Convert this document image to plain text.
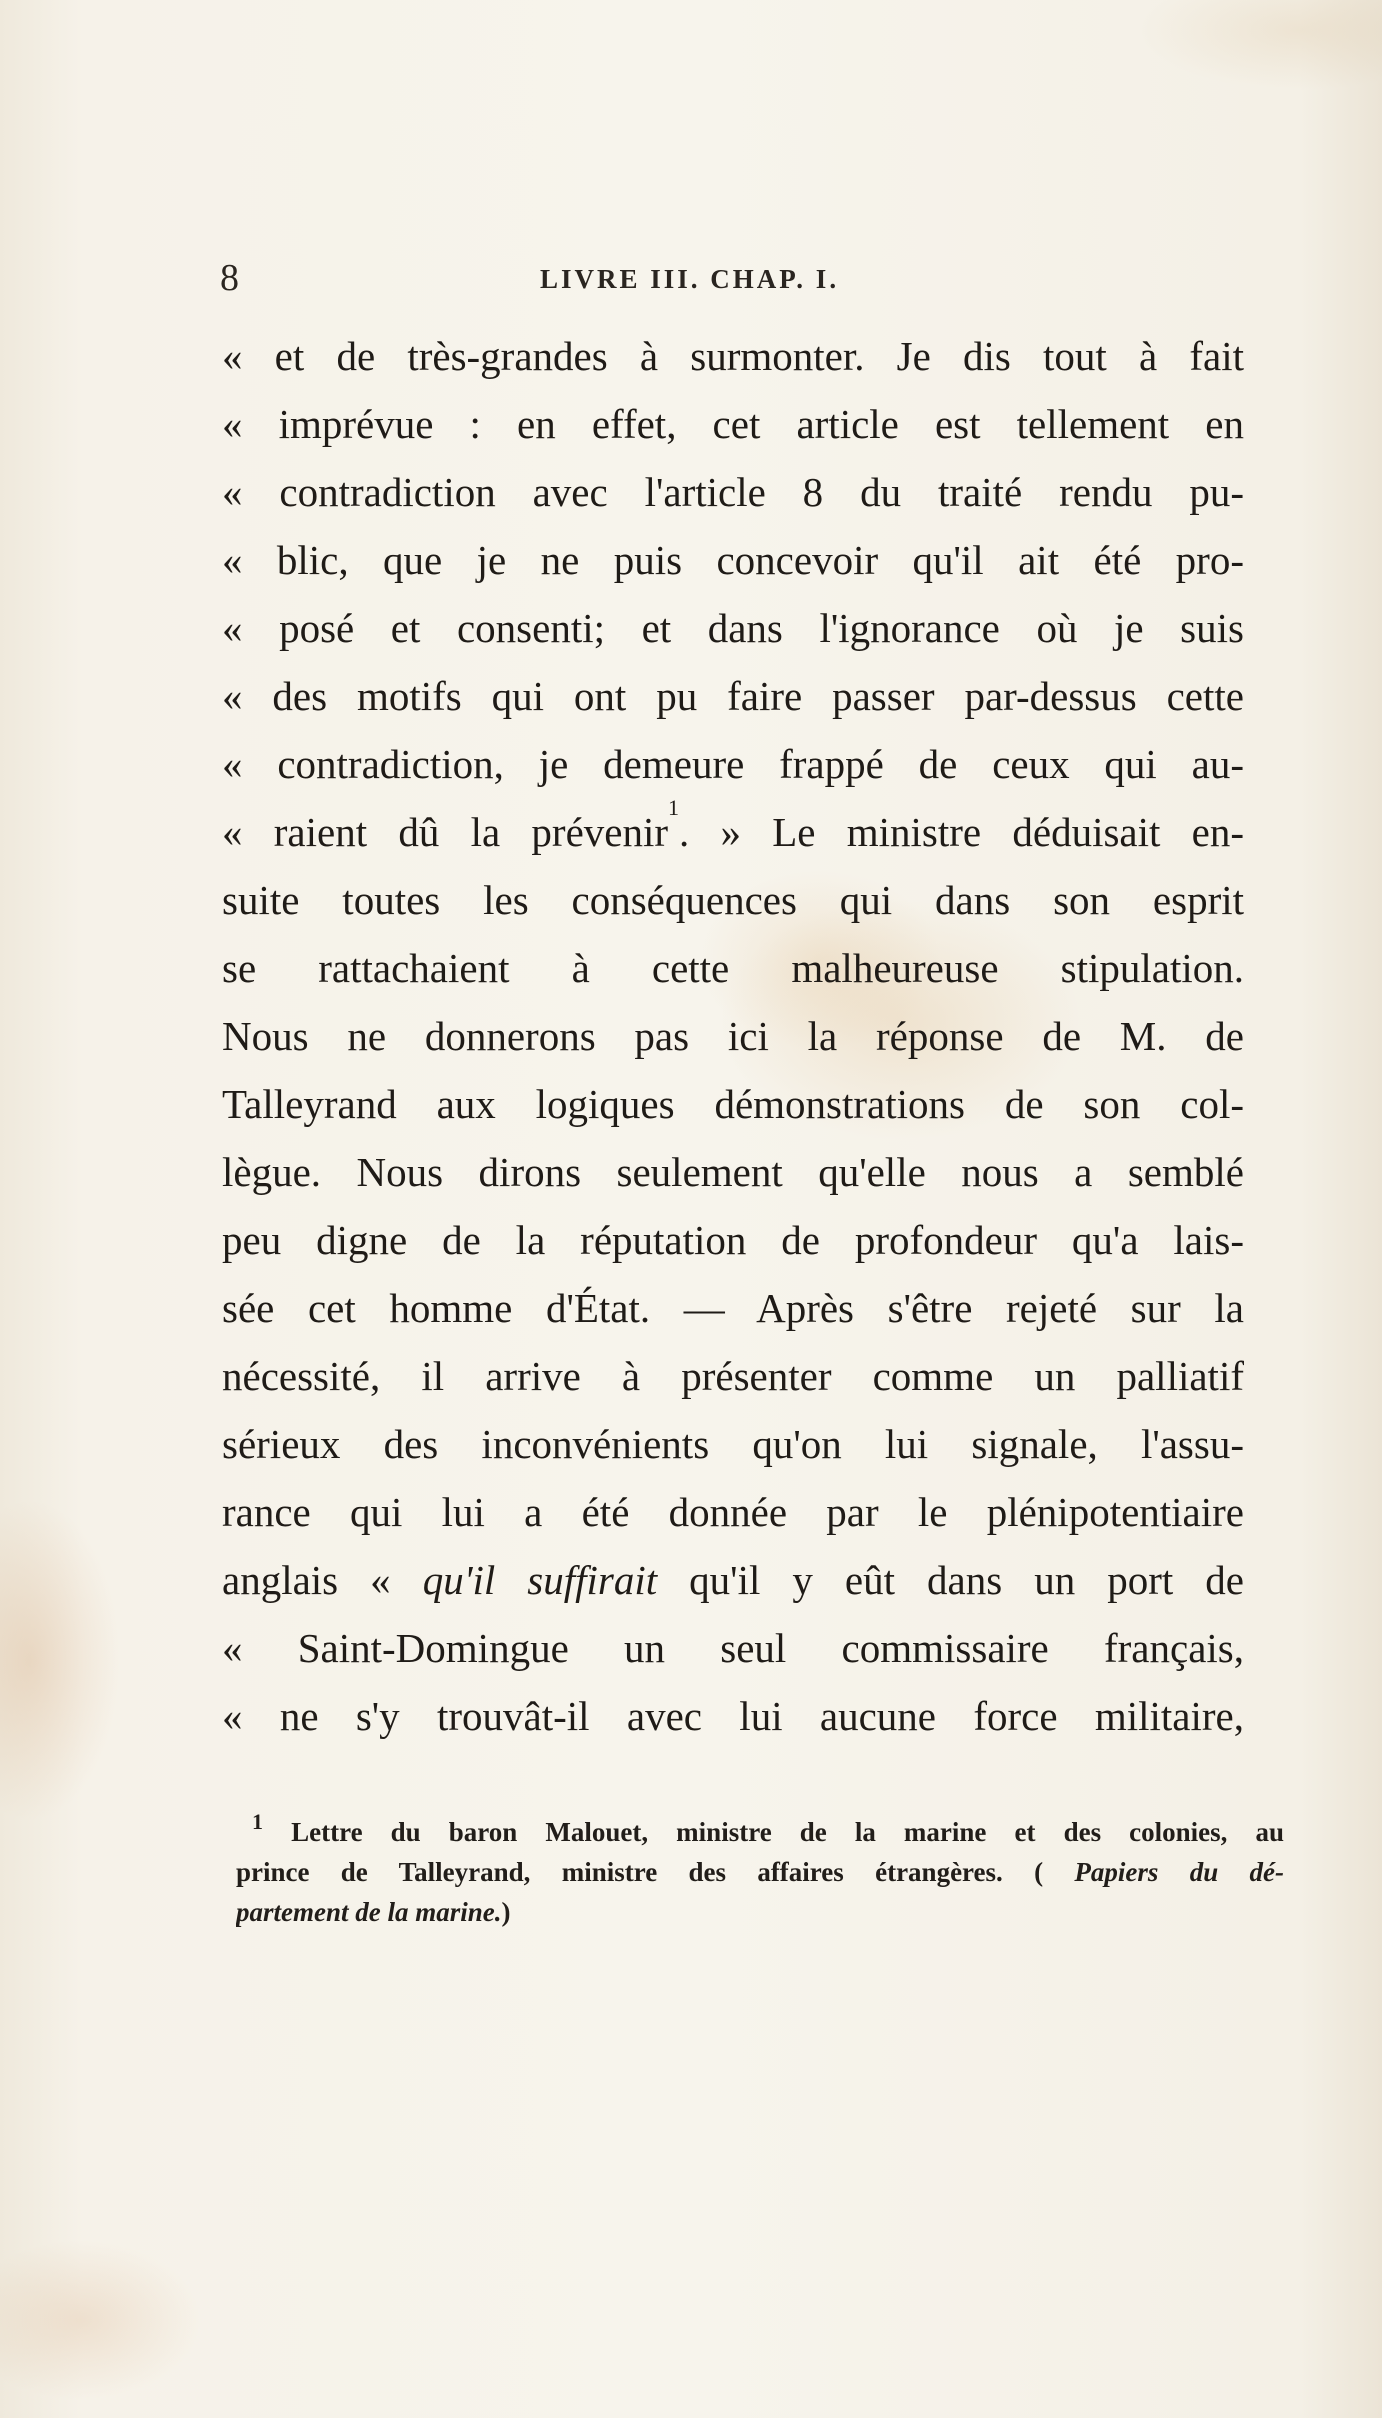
8	LIVRE III. CHAP. I.
« et de très-grandes à surmonter. Je dis tout à fait
« imprévue : en effet, cet article est tellement en
« contradiction avec l'article 8 du traité rendu pu-
« blic, que je ne puis concevoir qu'il ait été pro-
« posé et consenti; et dans l'ignorance où je suis
« des motifs qui ont pu faire passer par-dessus cette
« contradiction, je demeure frappé de ceux qui au-
« raient dû la prévenir$^1$. » Le ministre déduisait en-
suite toutes les conséquences qui dans son esprit
se rattachaient à cette malheureuse stipulation.
Nous ne donnerons pas ici la réponse de M. de
Talleyrand aux logiques démonstrations de son col-
lègue. Nous dirons seulement qu'elle nous a semblé
peu digne de la réputation de profondeur qu'a lais-
sée cet homme d'État. — Après s'être rejeté sur la
nécessité, il arrive à présenter comme un palliatif
sérieux des inconvénients qu'on lui signale, l'assu-
rance qui lui a été donnée par le plénipotentiaire
anglais « qu'il suffirait qu'il y eût dans un port de
« Saint-Domingue un seul commissaire français,
« ne s'y trouvât-il avec lui aucune force militaire,
$^1$ Lettre du baron Malouet, ministre de la marine et des colonies, au
prince de Talleyrand, ministre des affaires étrangères. ( Papiers du dé-
partement de la marine.)
